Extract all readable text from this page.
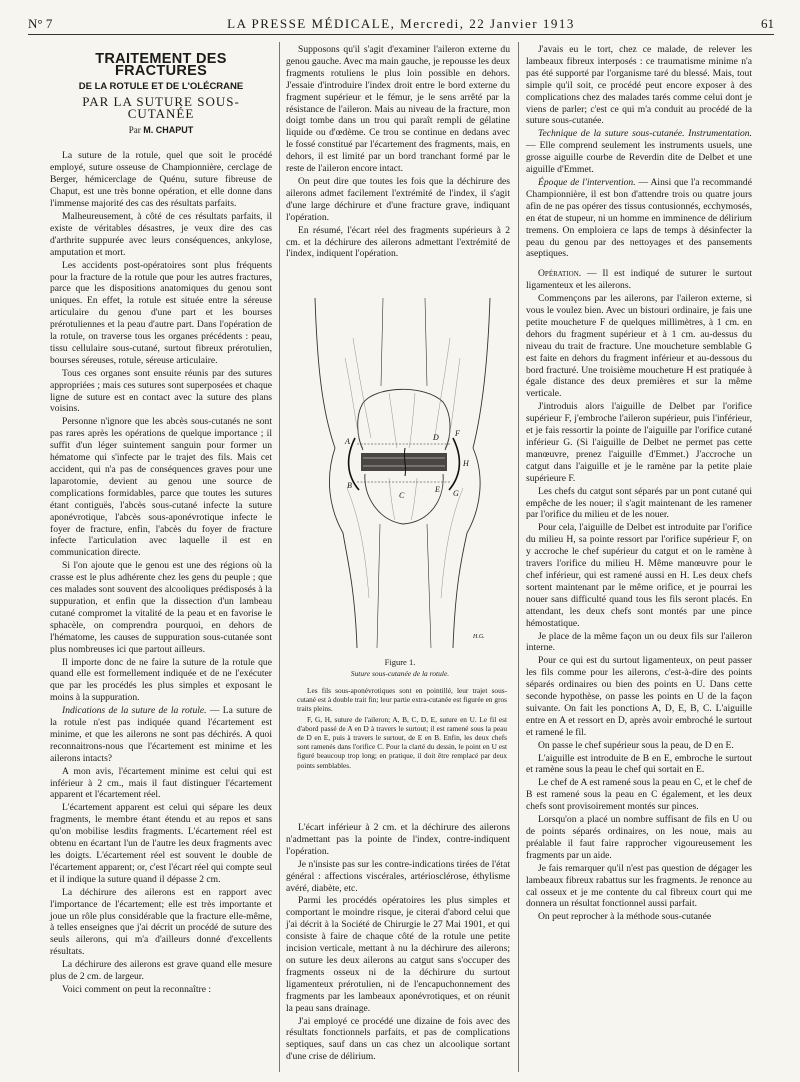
N° 7	LA PRESSE MÉDICALE, Mercredi, 22 Janvier 1913	61
TRAITEMENT DES FRACTURES
DE LA ROTULE ET DE L'OLÉCRANE
PAR LA SUTURE SOUS-CUTANÉE
Par M. CHAPUT

La suture de la rotule, quel que soit le procédé employé, suture osseuse de Championnière, cerclage de Berger, hémicerclage de Quénu, suture fibreuse de Chaput, est une très bonne opération, et elle donne dans l'immense majorité des cas des résultats parfaits.

Malheureusement, à côté de ces résultats parfaits, il existe de véritables désastres, je veux dire des cas d'arthrite suppurée avec leurs conséquences, ankylose, amputation et mort.

Les accidents post-opératoires sont plus fréquents pour la fracture de la rotule que pour les autres fractures, parce que les dispositions anatomiques du genou sont uniques. En effet, la rotule est située entre la séreuse articulaire du genou d'une part et les bourses prérotuliennes et la peau d'autre part. Dans l'opération de la rotule, on traverse tous les organes précédents : peau, tissu cellulaire sous-cutané, surtout fibreux prérotulien, bourses séreuses, rotule, séreuse articulaire.

Tous ces organes sont ensuite réunis par des sutures appropriées ; mais ces sutures sont superposées et chaque ligne de suture est en contact avec la suture des plans voisins.

Personne n'ignore que les abcès sous-cutanés ne sont pas rares après les opérations de quelque importance ; il suffit d'un léger suintement sanguin pour former un hématome qui s'infecte par le trajet des fils. Mais cet accident, qui n'a pas de conséquences graves pour une laparotomie, devient au genou une source de complications formidables, parce que toutes les sutures étant contiguës, l'abcès sous-cutané infecte la suture aponévrotique, l'abcès sous-aponévrotique infecte le foyer de fracture, enfin, l'abcès du foyer de fracture infecte l'articulation avec laquelle il est en communication directe.

Si l'on ajoute que le genou est une des régions où la crasse est le plus adhérente chez les gens du peuple ; que ces malades sont souvent des alcooliques prédisposés à la suppuration, et enfin que la dissection d'un lambeau cutané compromet la vitalité de la peau et en favorise le sphacèle, on comprendra pourquoi, en dehors de l'hématome, les causes de suppuration sous-cutanée sont plus nombreuses ici que partout ailleurs.

Il importe donc de ne faire la suture de la rotule que quand elle est formellement indiquée et de ne l'exécuter que par les procédés les plus simples et exposant le moins à la suppuration.

Indications de la suture de la rotule. — La suture de la rotule n'est pas indiquée quand l'écartement est minime, et que les ailerons ne sont pas déchirés. A quoi reconnaitrons-nous que l'écartement est minime et les ailerons intacts?

A mon avis, l'écartement minime est celui qui est inférieur à 2 cm., mais il faut distinguer l'écartement apparent et l'écartement réel.

L'écartement apparent est celui qui sépare les deux fragments, le membre étant étendu et au repos et sans qu'on mobilise lesdits fragments. L'écartement réel est obtenu en écartant l'un de l'autre les deux fragments avec les doigts. L'écartement réel est souvent le double de l'écartement apparent; or, c'est l'écart réel qui compte seul et il indique la suture quand il dépasse 2 cm.

La déchirure des ailerons est en rapport avec l'importance de l'écartement; elle est très importante et joue un rôle plus considérable que la fracture elle-même, à telles enseignes que j'ai décrit un procédé de suture des seuls ailerons, qui m'a d'ailleurs donné d'excellents résultats.

La déchirure des ailerons est grave quand elle mesure plus de 2 cm. de largeur.

Voici comment on peut la reconnaître :

Supposons qu'il s'agit d'examiner l'aileron externe du genou gauche. Avec ma main gauche, je repousse les deux fragments rotuliens le plus loin possible en dehors. J'essaie d'introduire l'index droit entre le bord externe du fragment supérieur et le fémur, je le sens arrêté par la résistance de l'aileron. Mais au niveau de la fracture, mon doigt tombe dans un trou qui paraît rempli de gélatine liquide ou d'œdème. Ce trou se continue en dedans avec le fossé constitué par l'écartement des fragments, mais, en dehors, il est limité par un bord tranchant formé par le reste de l'aileron encore intact.

On peut dire que toutes les fois que la déchirure des ailerons admet facilement l'extrémité de l'index, il s'agit d'une large déchirure et d'une fracture grave, indiquant l'opération.

En résumé, l'écart réel des fragments supérieurs à 2 cm. et la déchirure des ailerons admettant l'extrémité de l'index, indiquent l'opération.

A
B
C
D
E
F
G
H
H.G.
Figure 1.
Suture sous-cutanée de la rotule.

Les fils sous-aponévrotiques sont en pointillé, leur trajet sous-cutané est à double trait fin; leur partie extra-cutanée est figurée en gros traits pleins.

F, G, H, suture de l'aileron; A, B, C, D, E, suture en U. Le fil est d'abord passé de A en D à travers le surtout; il est ramené sous la peau de D en E, puis à travers le surtout, de E en B. Enfin, les deux chefs sont ramenés dans l'orifice C. Pour la clarté du dessin, le point en U est figuré beaucoup trop long; en pratique, il doit être remplacé par deux points semblables.

L'écart inférieur à 2 cm. et la déchirure des ailerons n'admettant pas la pointe de l'index, contre-indiquent l'opération.

Je n'insiste pas sur les contre-indications tirées de l'état général : affections viscérales, artériosclérose, éthylisme avéré, diabète, etc.

Parmi les procédés opératoires les plus simples et comportant le moindre risque, je citerai d'abord celui que j'ai décrit à la Société de Chirurgie le 27 Mai 1901, et qui consiste à faire de chaque côté de la rotule une petite incision verticale, mettant à nu la déchirure des ailerons; on suture les deux ailerons au catgut sans s'occuper des fragments osseux ni de la déchirure du surtout ligamenteux prérotulien, ni de l'encapuchonnement des fragments par les lambeaux aponévrotiques, et on réunit la peau sans drainage.

J'ai employé ce procédé une dizaine de fois avec des résultats fonctionnels parfaits, et pas de complications septiques, sauf dans un cas chez un alcoolique sortant d'une crise de délirium.

J'avais eu le tort, chez ce malade, de relever les lambeaux fibreux interposés : ce traumatisme minime n'a pas été supporté par l'organisme taré du blessé. Mais, tout simple qu'il soit, ce procédé peut encore exposer à des complications chez des malades tarés comme celui dont je viens de parler; c'est ce qui m'a conduit au procédé de la suture sous-cutanée.

Technique de la suture sous-cutanée. Instrumentation. — Elle comprend seulement les instruments usuels, une grosse aiguille courbe de Reverdin dite de Delbet et une aiguille d'Emmet.

Époque de l'intervention. — Ainsi que l'a recommandé Championnière, il est bon d'attendre trois ou quatre jours afin de ne pas opérer des tissus contusionnés, ecchymosés, en état de stupeur, ni un homme en imminence de délirium tremens. On emploiera ce laps de temps à désinfecter la peau du genou par des nettoyages et des pansements aseptiques.

Opération. — Il est indiqué de suturer le surtout ligamenteux et les ailerons.

Commençons par les ailerons, par l'aileron externe, si vous le voulez bien. Avec un bistouri ordinaire, je fais une petite moucheture F de quelques millimètres, à 1 cm. en dehors du fragment supérieur et à 1 cm. au-dessus du niveau du trait de fracture. Une moucheture semblable G est faite en dehors du fragment inférieur et au-dessous du bord fracturé. Une troisième moucheture H est pratiquée à égale distance des deux premières et sur la même verticale.

J'introduis alors l'aiguille de Delbet par l'orifice supérieur F, j'embroche l'aileron supérieur, puis l'inférieur, et je fais ressortir la pointe de l'aiguille par l'orifice cutané inférieur G. (Si l'aiguille de Delbet ne permet pas cette manœuvre, prenez l'aiguille d'Emmet.) J'accroche un catgut dans l'aiguille et je le ramène par la petite plaie supérieure F.

Les chefs du catgut sont séparés par un pont cutané qui empêche de les nouer; il s'agit maintenant de les ramener par l'orifice du milieu et de les nouer.

Pour cela, l'aiguille de Delbet est introduite par l'orifice du milieu H, sa pointe ressort par l'orifice supérieur F, on y accroche le chef supérieur du catgut et on le ramène à travers l'orifice du milieu H. Même manœuvre pour le chef inférieur, qui est ramené aussi en H. Les deux chefs sortent maintenant par le même orifice, et je pourrai les nouer sans difficulté quand tous les fils seront placés. En attendant, les deux chefs sont montés par une pince hémostatique.

Je place de la même façon un ou deux fils sur l'aileron interne.

Pour ce qui est du surtout ligamenteux, on peut passer les fils comme pour les ailerons, c'est-à-dire des points séparés ordinaires ou bien des points en U. Dans cette seconde hypothèse, on passe les points en U de la façon suivante. On fait les ponctions A, D, E, B, C. L'aiguille entre en A et ressort en D, après avoir embroché le surtout et ramené le fil.

On passe le chef supérieur sous la peau, de D en E.

L'aiguille est introduite de B en E, embroche le surtout et ramène sous la peau le chef qui sortait en E.

Le chef de A est ramené sous la peau en C, et le chef de B est ramené sous la peau en C également, et les deux chefs sont provisoirement montés sur pinces.

Lorsqu'on a placé un nombre suffisant de fils en U ou de points séparés ordinaires, on les noue, mais au préalable il faut faire rapprocher vigoureusement les fragments par un aide.

Je fais remarquer qu'il n'est pas question de dégager les lambeaux fibreux rabattus sur les fragments. Je renonce au cal osseux et je me contente du cal fibreux court qui me donnera un résultat fonctionnel aussi parfait.

On peut reprocher à la méthode sous-cutanée
